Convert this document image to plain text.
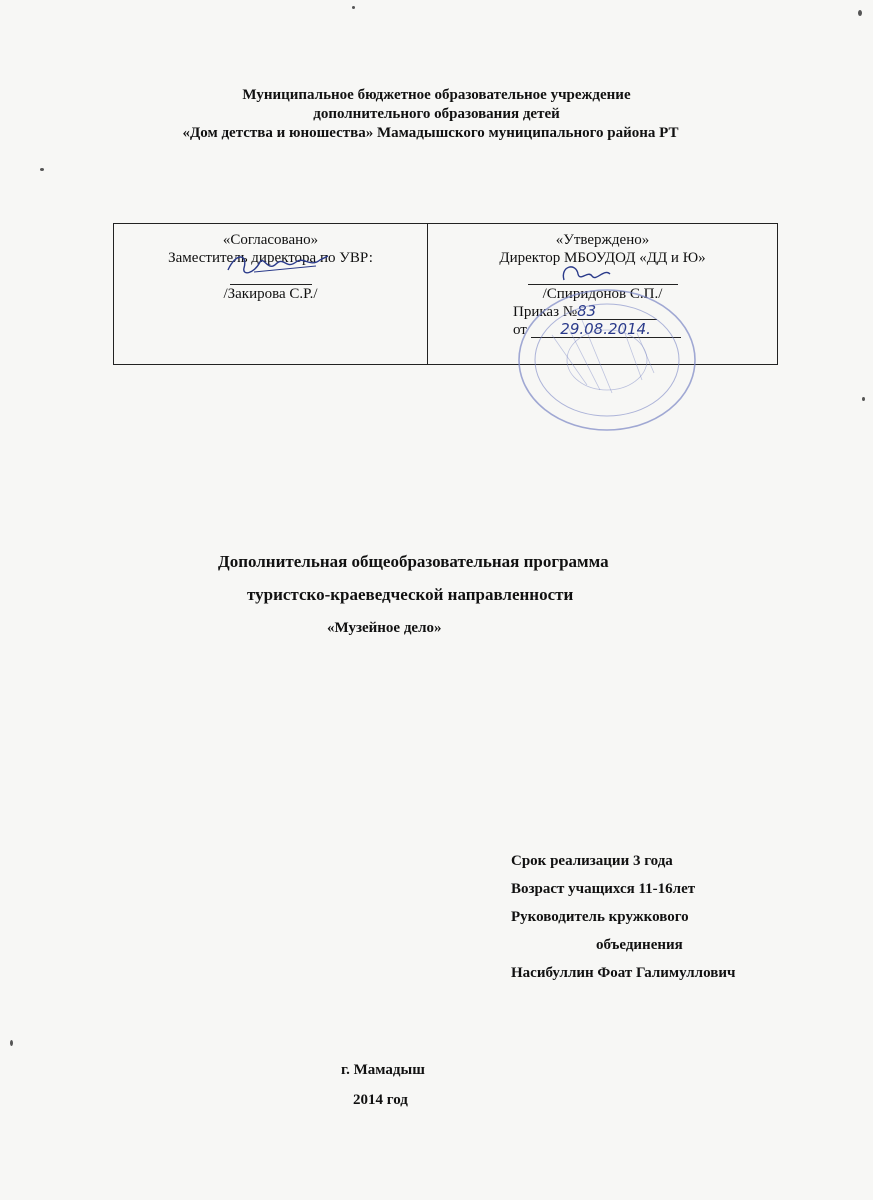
Муниципальное бюджетное образовательное учреждение
дополнительного образования детей
«Дом детства и юношества» Мамадышского муниципального района РТ
«Согласовано»
Заместитель директора по УВР:
/Закирова С.Р./

«Утверждено»
Директор МБОУДОД «ДД и Ю»
/Спиридонов С.П./
Приказ №83
от 29.08.2014.
Дополнительная общеобразовательная программа
туристско-краеведческой направленности
«Музейное дело»
Срок реализации 3 года
Возраст учащихся 11-16лет
Руководитель кружкового
объединения
Насибуллин Фоат Галимуллович
г. Мамадыш
2014 год
